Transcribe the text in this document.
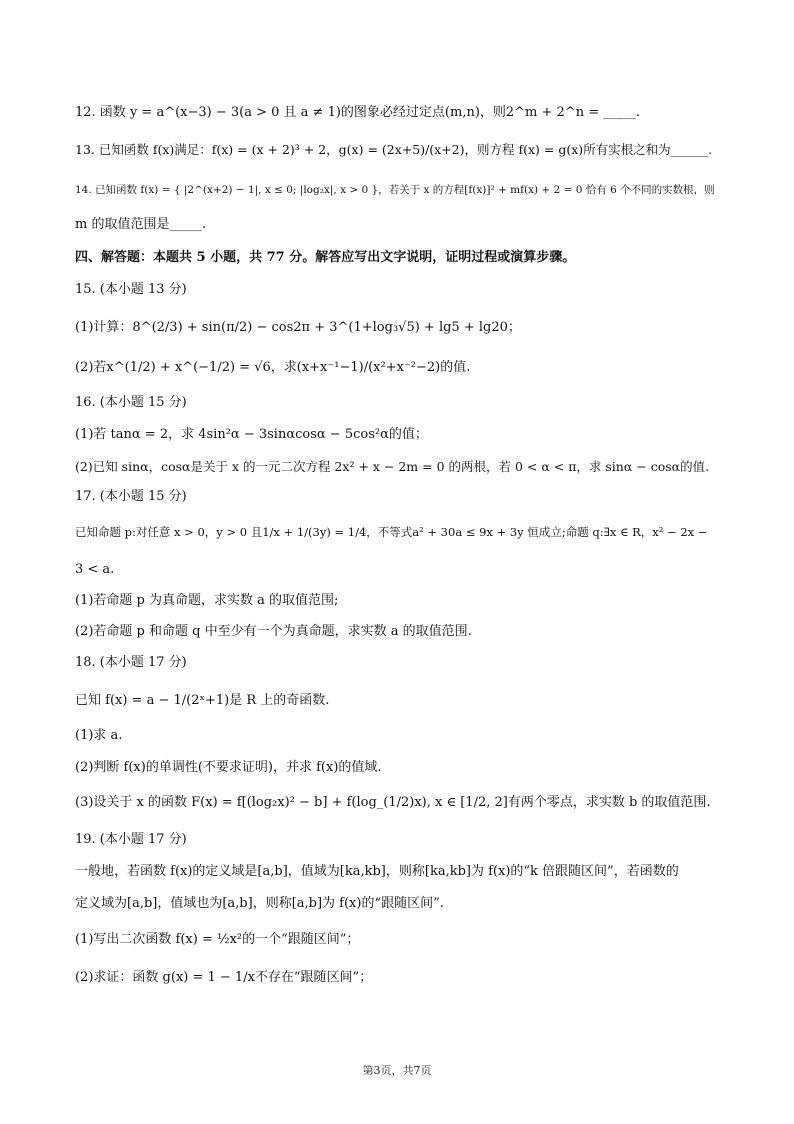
12. 函数 y = a^(x−3) − 3(a > 0 且 a ≠ 1)的图象必经过定点(m,n)，则2^m + 2^n = _____.
13. 已知函数 f(x)满足：f(x) = (x + 2)³ + 2，g(x) = (2x+5)/(x+2)，则方程 f(x) = g(x)所有实根之和为______.
14. 已知函数 f(x) = { |2^(x+2) − 1|, x ≤ 0; |log₂x|, x > 0 }，若关于 x 的方程[f(x)]² + mf(x) + 2 = 0 恰有 6 个不同的实数根，则
m 的取值范围是_____.
四、解答题：本题共 5 小题，共 77 分。解答应写出文字说明，证明过程或演算步骤。
15. (本小题 13 分)
(1)计算：8^(2/3) + sin(π/2) − cos2π + 3^(1+log₃√5) + lg5 + lg20；
(2)若x^(1/2) + x^(−1/2) = √6，求(x+x⁻¹−1)/(x²+x⁻²−2)的值.
16. (本小题 15 分)
(1)若 tanα = 2，求 4sin²α − 3sinαcosα − 5cos²α的值；
(2)已知 sinα，cosα是关于 x 的一元二次方程 2x² + x − 2m = 0 的两根，若 0 < α < π，求 sinα − cosα的值.
17. (本小题 15 分)
已知命题 p:对任意 x > 0，y > 0 且1/x + 1/(3y) = 1/4，不等式a² + 30a ≤ 9x + 3y 恒成立;命题 q:∃x ∈ R，x² − 2x −
3 < a.
(1)若命题 p 为真命题，求实数 a 的取值范围;
(2)若命题 p 和命题 q 中至少有一个为真命题，求实数 a 的取值范围.
18. (本小题 17 分)
已知 f(x) = a − 1/(2ˣ+1)是 R 上的奇函数.
(1)求 a.
(2)判断 f(x)的单调性(不要求证明)，并求 f(x)的值域.
(3)设关于 x 的函数 F(x) = f[(log₂x)² − b] + f(log_(1/2)x), x ∈ [1/2, 2]有两个零点，求实数 b 的取值范围.
19. (本小题 17 分)
一般地，若函数 f(x)的定义域是[a,b]，值域为[ka,kb]，则称[ka,kb]为 f(x)的“k 倍跟随区间”，若函数的
定义域为[a,b]，值域也为[a,b]，则称[a,b]为 f(x)的“跟随区间”.
(1)写出二次函数 f(x) = ½x²的一个“跟随区间”；
(2)求证：函数 g(x) = 1 − 1/x不存在“跟随区间”；
第3页，共7页
